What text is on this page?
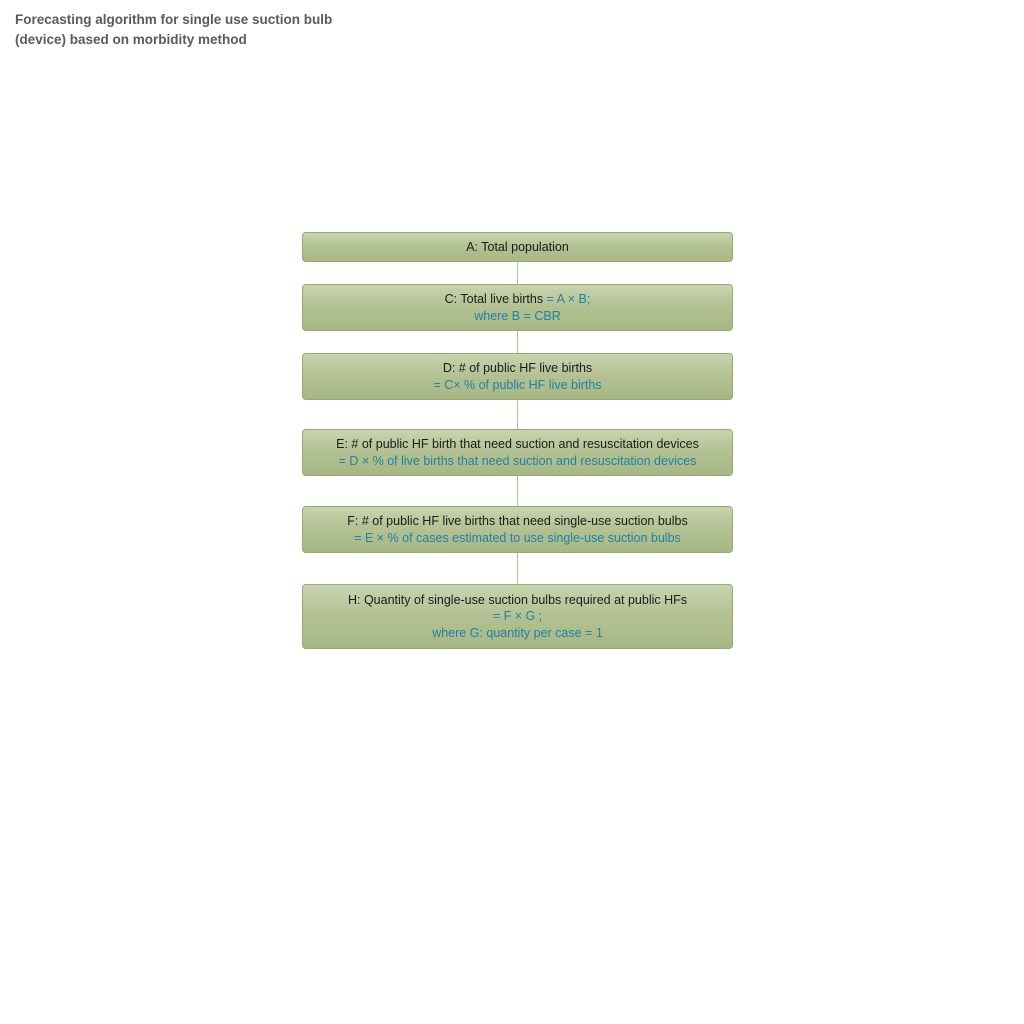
Forecasting algorithm for single use suction bulb
(device) based on morbidity method
A: Total population
C: Total live births = A × B;
where B = CBR
D: # of public HF live births
= C× % of public HF live births
E: # of public HF birth that need suction and resuscitation devices
= D × % of live births that need suction and resuscitation devices
F: # of public HF live births that need single-use suction bulbs
= E × % of cases estimated to use single-use suction bulbs
H: Quantity of single-use suction bulbs required at public HFs
= F × G ;
where G: quantity per case = 1
